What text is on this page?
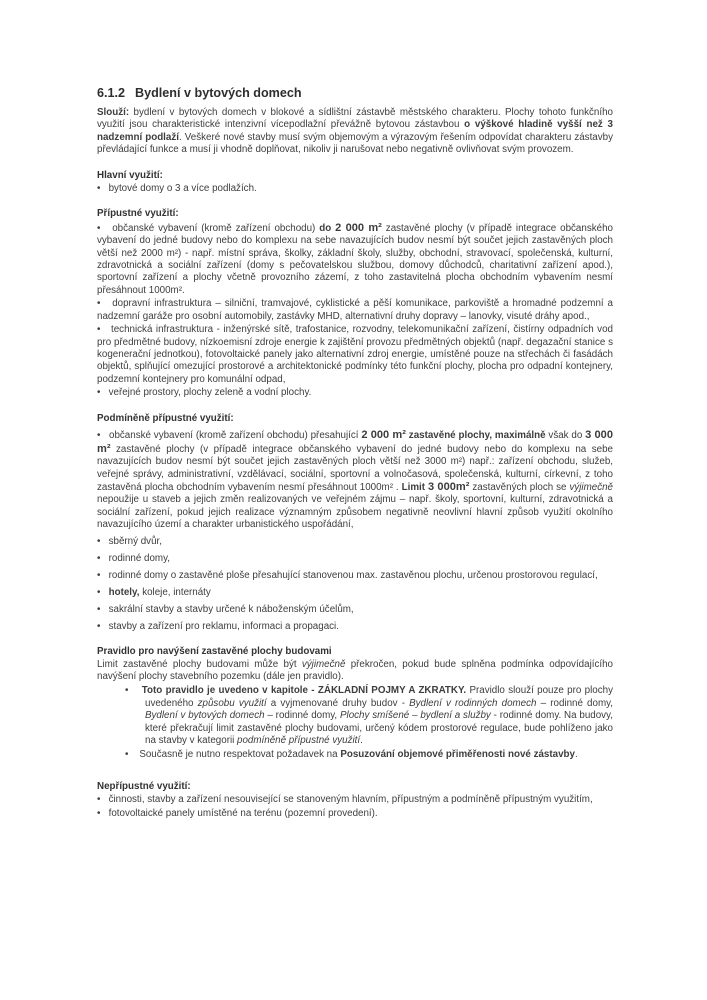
6.1.2 Bydlení v bytových domech

Slouží: bydlení v bytových domech v blokové a sídlištní zástavbě městského charakteru. Plochy tohoto funkčního využití jsou charakteristické intenzivní vícepodlažní převážně bytovou zástavbou o výškové hladině vyšší než 3 nadzemní podlaží. Veškeré nové stavby musí svým objemovým a výrazovým řešením odpovídat charakteru zástavby převládající funkce a musí ji vhodně doplňovat, nikoliv ji narušovat nebo negativně ovlivňovat svým provozem.

Hlavní využití:
•   bytové domy o 3 a více podlažích.
Přípustné využití:
•   občanské vybavení (kromě zařízení obchodu) do 2 000 m² zastavěné plochy (v případě integrace občanského vybavení do jedné budovy nebo do komplexu na sebe navazujících budov nesmí být součet jejich zastavěných ploch větší než 2000 m²) - např. místní správa, školky, základní školy, služby, obchodní, stravovací, společenská, kulturní, zdravotnická a sociální zařízení (domy s pečovatelskou službou, domovy důchodců, charitativní zařízení apod.), sportovní zařízení a plochy včetně provozního zázemí, z toho zastavitelná plocha obchodním vybavením nesmí přesáhnout 1000m².
•   dopravní infrastruktura – silniční, tramvajové, cyklistické a pěší komunikace, parkoviště a hromadné podzemní a nadzemní garáže pro osobní automobily, zastávky MHD, alternativní druhy dopravy – lanovky, visuté dráhy apod.,
•   technická infrastruktura - inženýrské sítě, trafostanice, rozvodny, telekomunikační zařízení, čistírny odpadních vod pro předmětné budovy, nízkoemisní zdroje energie k zajištění provozu předmětných objektů (např. degazační stanice s kogenerační jednotkou), fotovoltaické panely jako alternativní zdroj energie, umístěné pouze na střechách či fasádách objektů, splňující omezující prostorové a architektonické podmínky této funkční plochy, plocha pro odpadní kontejnery, podzemní kontejnery pro komunální odpad,
•   veřejné prostory, plochy zeleně a vodní plochy.
Podmíněně přípustné využití:
•   občanské vybavení (kromě zařízení obchodu) přesahující 2 000 m² zastavěné plochy, maximálně však do 3 000 m² zastavěné plochy (v případě integrace občanského vybavení do jedné budovy nebo do komplexu na sebe navazujících budov nesmí být součet jejich zastavěných ploch větší než 3000 m²) např.: zařízení obchodu, služeb, veřejné správy, administrativní, vzdělávací, sociální, sportovní a volnočasová, společenská, kulturní, církevní, z toho zastavěná plocha obchodním vybavením nesmí přesáhnout 1000m² . Limit 3 000m² zastavěných ploch se výjimečně nepoužije u staveb a jejich změn realizovaných ve veřejném zájmu – např. školy, sportovní, kulturní, zdravotnická a sociální zařízení, pokud jejich realizace významným způsobem negativně neovlivní hlavní způsob využití okolního navazujícího území a charakter urbanistického uspořádání,
•   sběrný dvůr,
•   rodinné domy,
•   rodinné domy o zastavěné ploše přesahující stanovenou max. zastavěnou plochu, určenou prostorovou regulací,
•   hotely, koleje, internáty
•   sakrální stavby a stavby určené k náboženským účelům,
•   stavby a zařízení pro reklamu, informaci a propagaci.
Pravidlo pro navýšení zastavěné plochy budovami

Limit zastavěné plochy budovami může být výjimečně překročen, pokud bude splněna podmínka odpovídajícího navýšení plochy stavebního pozemku (dále jen pravidlo).

•    Toto pravidlo je uvedeno v kapitole - ZÁKLADNÍ POJMY A ZKRATKY. Pravidlo slouží pouze pro plochy uvedeného způsobu využití a vyjmenované druhy budov - Bydlení v rodinných domech – rodinné domy, Bydlení v bytových domech – rodinné domy, Plochy smíšené – bydlení a služby - rodinné domy. Na budovy, které překračují limit zastavěné plochy budovami, určený kódem prostorové regulace, bude pohlíženo jako na stavby v kategorii podmíněně přípustné využití.
•    Současně je nutno respektovat požadavek na Posuzování objemové přiměřenosti nové zástavby.
Nepřípustné využití:
•   činnosti, stavby a zařízení nesouvisející se stanoveným hlavním, přípustným a podmíněně přípustným využitím,
•   fotovoltaické panely umístěné na terénu (pozemní provedení).
